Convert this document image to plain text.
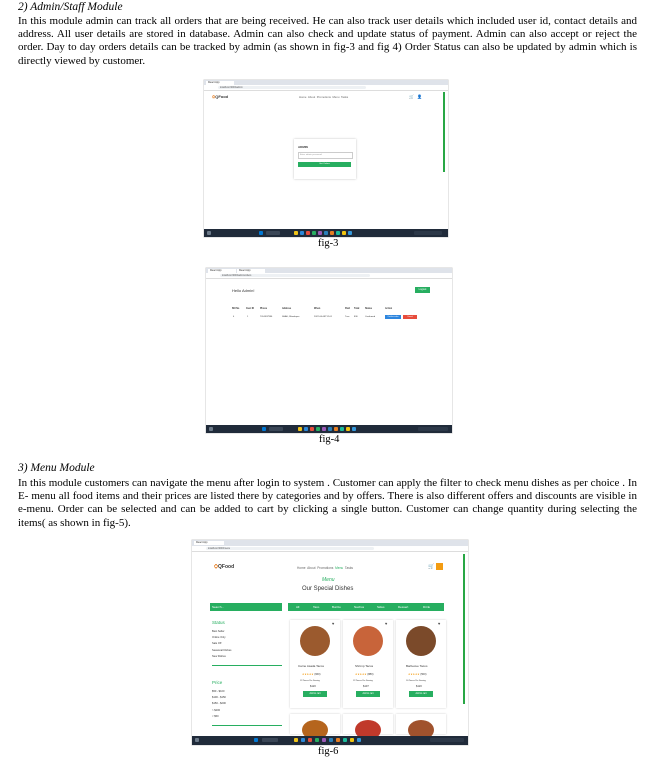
2) Admin/Staff Module

In this module admin can track all orders that are being received. He can also track user details which included user id, contact details and address. All user details are stored in database. Admin can also check and update status of payment. Admin can also accept or reject the order. Day to day orders details can be tracked by admin (as shown in fig-3 and fig 4) Order Status can also be updated by admin which is directly viewed by customer.

React App
localhost:3000/admin
⛭QFood	Home  About Promotions Menu Tasks	🛒 👤
ADMIN
Enter admin password
Get Orders
fig-3
React App	React App
localhost:3000/adminorders
Hello Admin!	Logout
Bill No	Cust ID	Phone	Address	When	Paid Total Status	Action
4	1	7014537986	SHAD, Bhadrapur	2022-06-08T12:01	True 830	Confirmed	Confirm order	Cancel
fig-4
3) Menu Module

In this module customers can navigate the menu after login to system . Customer can apply the filter to check menu dishes as per choice . In E- menu all food items and their prices are listed there by categories and by offers. There is also different offers and discounts are visible in e-menu. Order can be selected and can be added to cart by clicking a single button. Customer can change quantity during selecting the items( as shown in fig-5).

React App
localhost:3000/menu
⛭QFood	Home About Promotions Menu Tasks	🛒
Menu
Our Special Dishes
Search...	All	Taco	Burrito	Nachos	Sides	Dessert	Drink
Status
Best Seller
Online Only
Sale Off
Seasonal Dishes
New Dishes
Price
$50 - $100
$100 - $150
$150 - $200
> $200
< $50
♥
Carne Asada Tacos
★★★★★ (660)
12 Pieces Per Serving
$120
Add to cart
♥
Shrimp Tacos
★★★★★ (880)
12 Pieces Per Serving
$107
Add to cart
♥
Barbecue Tacos
★★★★★ (500)
10 Pieces Per Serving
$120
Add to cart
fig-6
